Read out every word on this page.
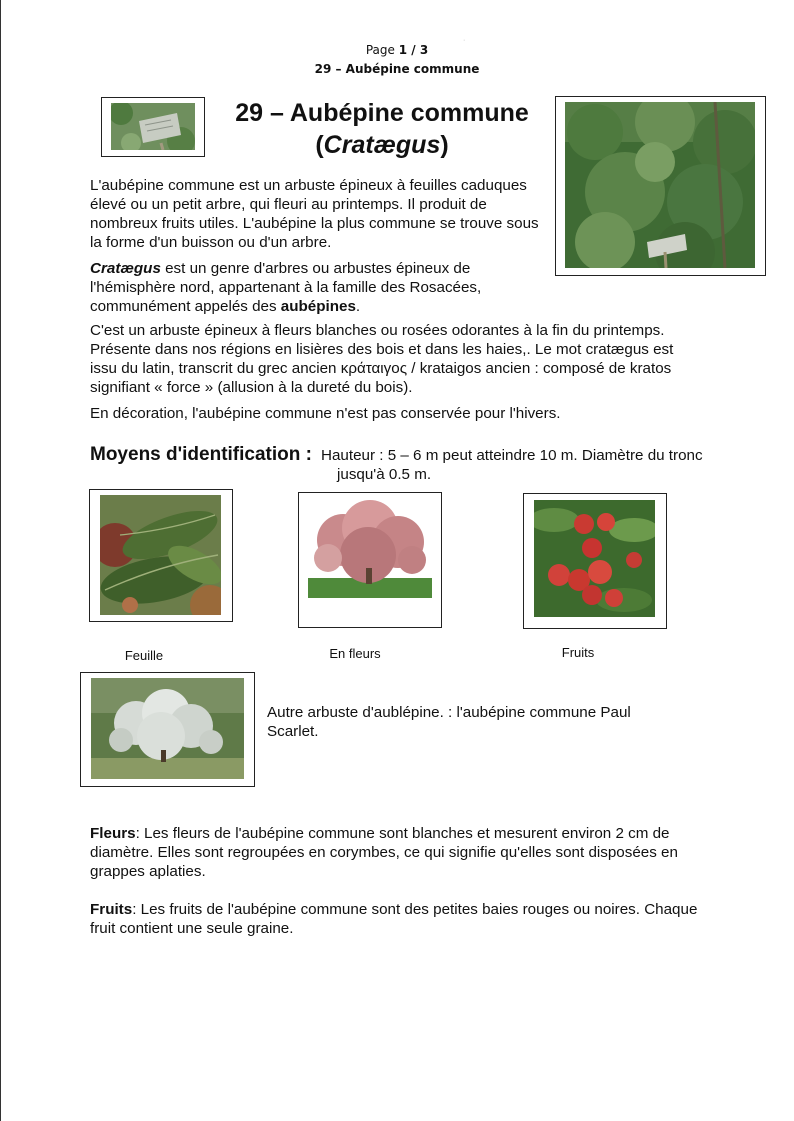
·
Page 1 / 3
29 – Aubépine commune
29 – Aubépine commune
(Cratægus)
L'aubépine commune est un arbuste épineux à feuilles caduques élevé ou un petit arbre, qui fleuri au printemps. Il produit de nombreux fruits utiles. L'aubépine la plus commune se trouve sous la forme d'un buisson ou d'un arbre.
Cratægus est un genre d'arbres ou arbustes épineux de l'hémisphère nord, appartenant à la famille des Rosacées, communément appelés des aubépines.
C'est un arbuste épineux à fleurs blanches ou rosées odorantes à la fin du printemps. Présente dans nos régions en lisières des bois et dans les haies,. Le mot cratægus est issu du latin, transcrit du grec ancien κράταιγος / krataigos ancien : composé de kratos signifiant « force » (allusion à la dureté du bois).
En décoration, l'aubépine commune n'est pas conservée pour l'hivers.
Moyens d'identification : Hauteur : 5 – 6 m peut atteindre 10 m. Diamètre du tronc jusqu'à 0.5 m.
Feuille	En fleurs	Fruits
Autre arbuste d'aublépine. : l'aubépine commune Paul Scarlet.
Fleurs: Les fleurs de l'aubépine commune sont blanches et mesurent environ 2 cm de diamètre. Elles sont regroupées en corymbes, ce qui signifie qu'elles sont disposées en grappes aplaties.
Fruits: Les fruits de l'aubépine commune sont des petites baies rouges ou noires. Chaque fruit contient une seule graine.
